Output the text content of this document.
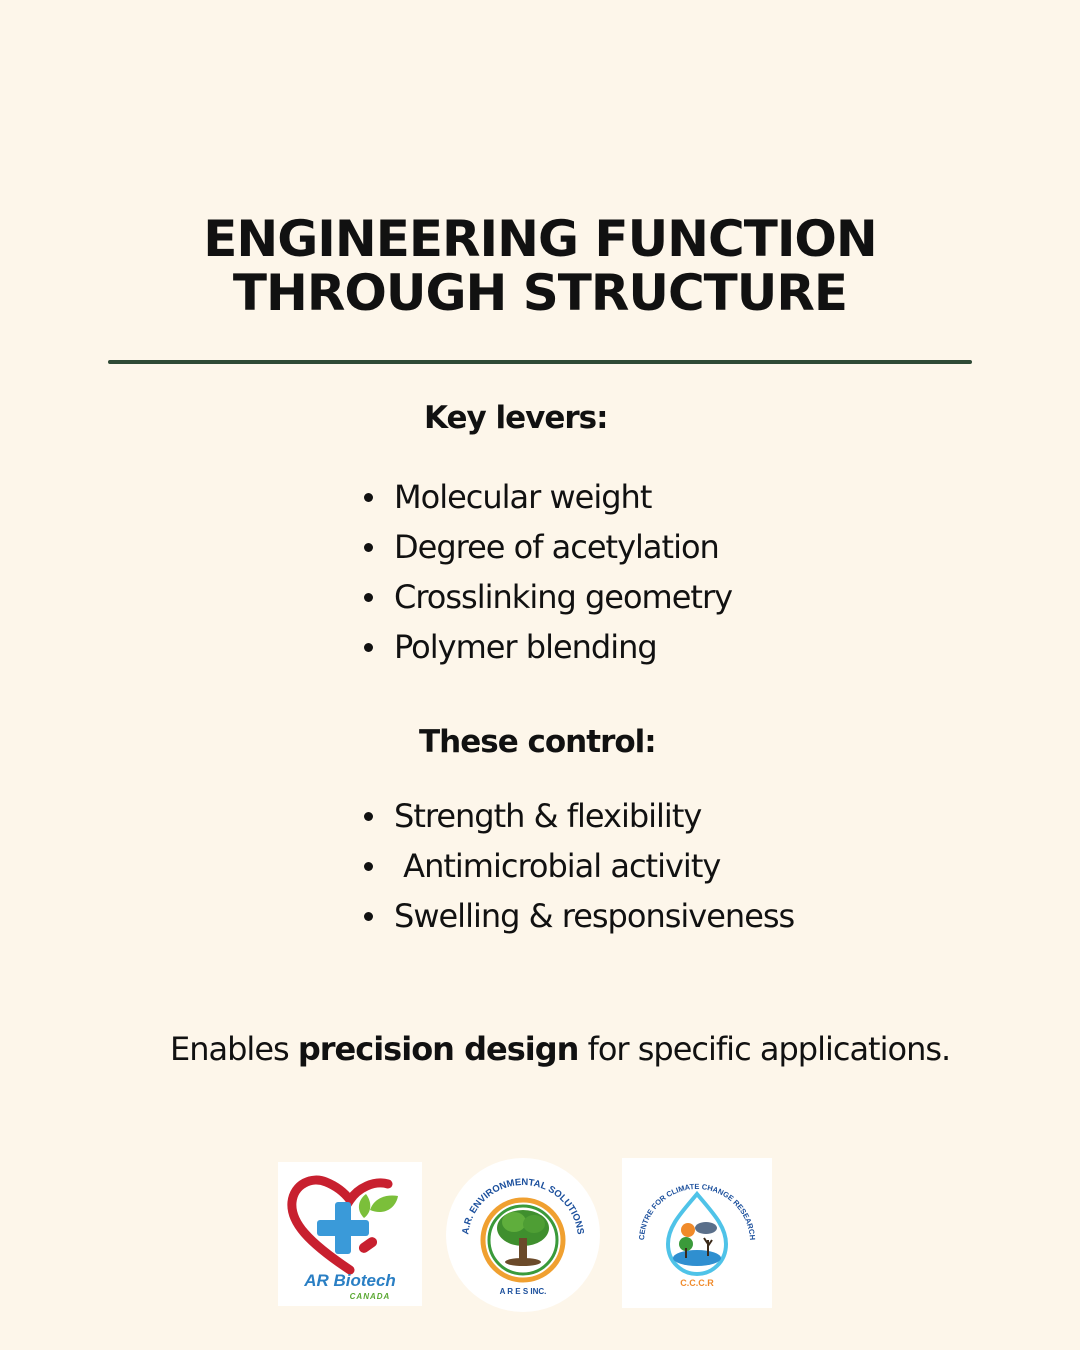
ENGINEERING FUNCTION
THROUGH STRUCTURE
Key levers:
Molecular weight
Degree of acetylation
Crosslinking geometry
Polymer blending
These control:
Strength & flexibility
Antimicrobial activity
Swelling & responsiveness
Enables precision design for specific applications.
AR Biotech
CANADA
A.R. ENVIRONMENTAL SOLUTIONS
A R E S INC.
CENTRE FOR CLIMATE CHANGE RESEARCH
C.C.C.R
